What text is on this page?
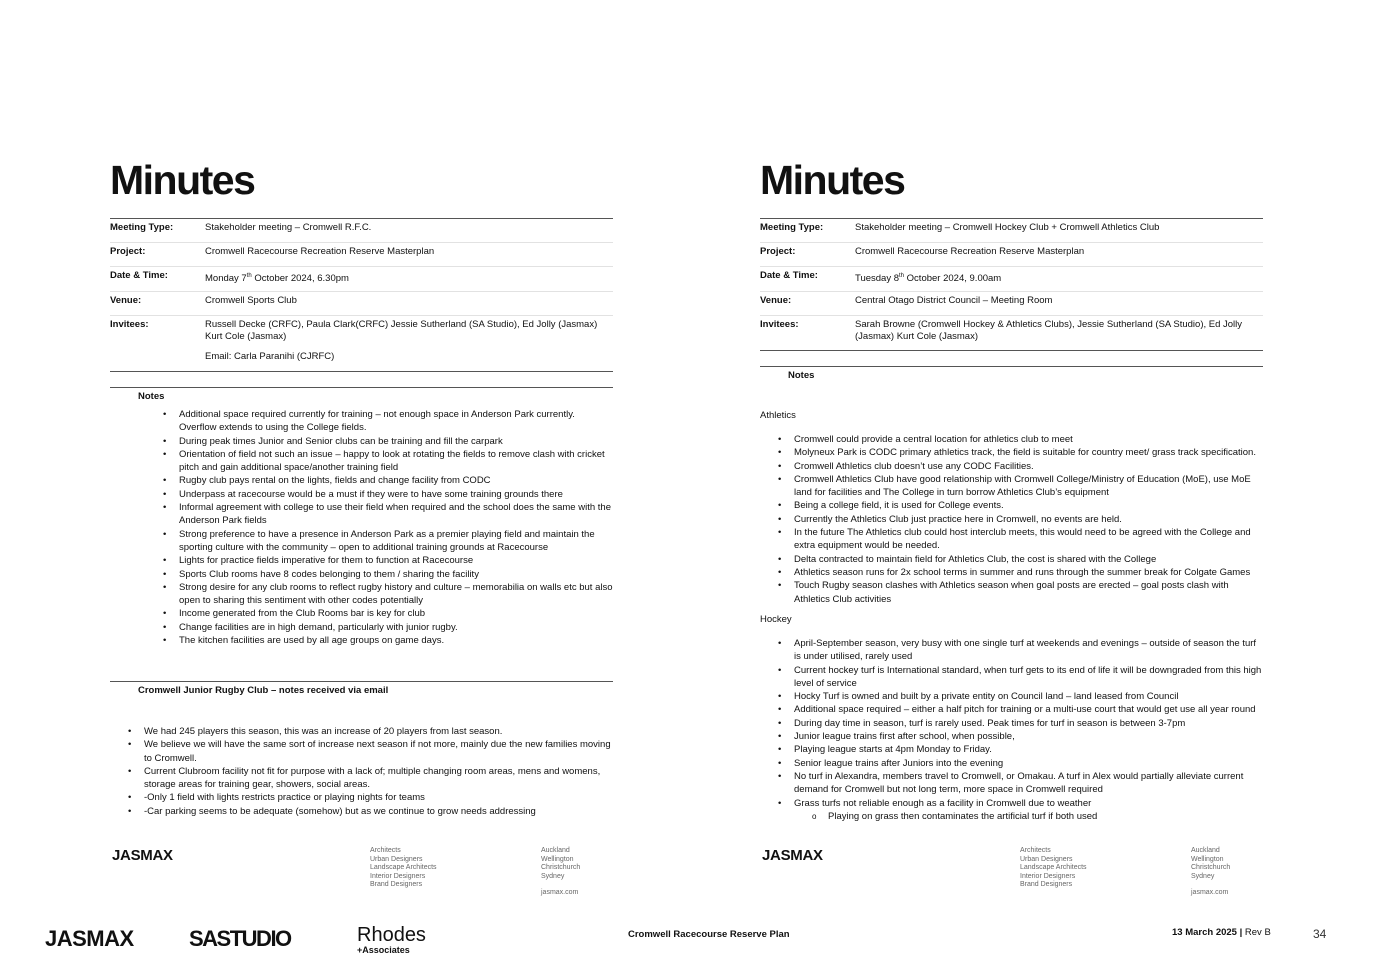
Minutes
Meeting Type:	Stakeholder meeting – Cromwell R.F.C.
Project:	Cromwell Racecourse Recreation Reserve Masterplan
Date & Time:	Monday 7th October 2024, 6.30pm
Venue:	Cromwell Sports Club
Invitees:	Russell Decke (CRFC), Paula Clark(CRFC) Jessie Sutherland (SA Studio), Ed Jolly (Jasmax) Kurt Cole (Jasmax)

Email: Carla Paranihi (CJRFC)

Notes
• Additional space required currently for training – not enough space in Anderson Park currently. Overflow extends to using the College fields.
• During peak times Junior and Senior clubs can be training and fill the carpark
• Orientation of field not such an issue – happy to look at rotating the fields to remove clash with cricket pitch and gain additional space/another training field
• Rugby club pays rental on the lights, fields and change facility from CODC
• Underpass at racecourse would be a must if they were to have some training grounds there
• Informal agreement with college to use their field when required and the school does the same with the Anderson Park fields
• Strong preference to have a presence in Anderson Park as a premier playing field and maintain the sporting culture with the community – open to additional training grounds at Racecourse
• Lights for practice fields imperative for them to function at Racecourse
• Sports Club rooms have 8 codes belonging to them / sharing the facility
• Strong desire for any club rooms to reflect rugby history and culture – memorabilia on walls etc but also open to sharing this sentiment with other codes potentially
• Income generated from the Club Rooms bar is key for club
• Change facilities are in high demand, particularly with junior rugby.
• The kitchen facilities are used by all age groups on game days.
Cromwell Junior Rugby Club – notes received via email
• We had 245 players this season, this was an increase of 20 players from last season.
• We believe we will have the same sort of increase next season if not more, mainly due the new families moving to Cromwell.
• Current Clubroom facility not fit for purpose with a lack of; multiple changing room areas, mens and womens, storage areas for training gear, showers, social areas.
• -Only 1 field with lights restricts practice or playing nights for teams
• -Car parking seems to be adequate (somehow) but as we continue to grow needs addressing
JASMAX	Architects
Urban Designers
Landscape Architects
Interior Designers
Brand Designers
Auckland
Wellington
Christchurch
Sydney
jasmax.com
Minutes
Meeting Type:	Stakeholder meeting – Cromwell Hockey Club + Cromwell Athletics Club
Project:	Cromwell Racecourse Recreation Reserve Masterplan
Date & Time:	Tuesday 8th October 2024, 9.00am
Venue:	Central Otago District Council – Meeting Room
Invitees:	Sarah Browne (Cromwell Hockey & Athletics Clubs), Jessie Sutherland (SA Studio), Ed Jolly (Jasmax) Kurt Cole (Jasmax)
Notes
Athletics
• Cromwell could provide a central location for athletics club to meet
• Molyneux Park is CODC primary athletics track, the field is suitable for country meet/ grass track specification.
• Cromwell Athletics club doesn’t use any CODC Facilities.
• Cromwell Athletics Club have good relationship with Cromwell College/Ministry of Education (MoE), use MoE land for facilities and The College in turn borrow Athletics Club’s equipment
• Being a college field, it is used for College events.
• Currently the Athletics Club just practice here in Cromwell, no events are held.
• In the future The Athletics club could host interclub meets, this would need to be agreed with the College and extra equipment would be needed.
• Delta contracted to maintain field for Athletics Club, the cost is shared with the College
• Athletics season runs for 2x school terms in summer and runs through the summer break for Colgate Games
• Touch Rugby season clashes with Athletics season when goal posts are erected – goal posts clash with Athletics Club activities
Hockey
• April-September season, very busy with one single turf at weekends and evenings – outside of season the turf is under utilised, rarely used
• Current hockey turf is International standard, when turf gets to its end of life it will be downgraded from this high level of service
• Hocky Turf is owned and built by a private entity on Council land – land leased from Council
• Additional space required – either a half pitch for training or a multi-use court that would get use all year round
• During day time in season, turf is rarely used. Peak times for turf in season is between 3-7pm
• Junior league trains first after school, when possible,
• Playing league starts at 4pm Monday to Friday.
• Senior league trains after Juniors into the evening
• No turf in Alexandra, members travel to Cromwell, or Omakau. A turf in Alex would partially alleviate current demand for Cromwell but not long term, more space in Cromwell required
• Grass turfs not reliable enough as a facility in Cromwell due to weather
o Playing on grass then contaminates the artificial turf if both used
JASMAX	Architects
Urban Designers
Landscape Architects
Interior Designers
Brand Designers
Auckland
Wellington
Christchurch
Sydney
jasmax.com
JASMAX	SASTUDIO	Rhodes
+Associates
Cromwell Racecourse Reserve Plan	13 March 2025 | Rev B	34
